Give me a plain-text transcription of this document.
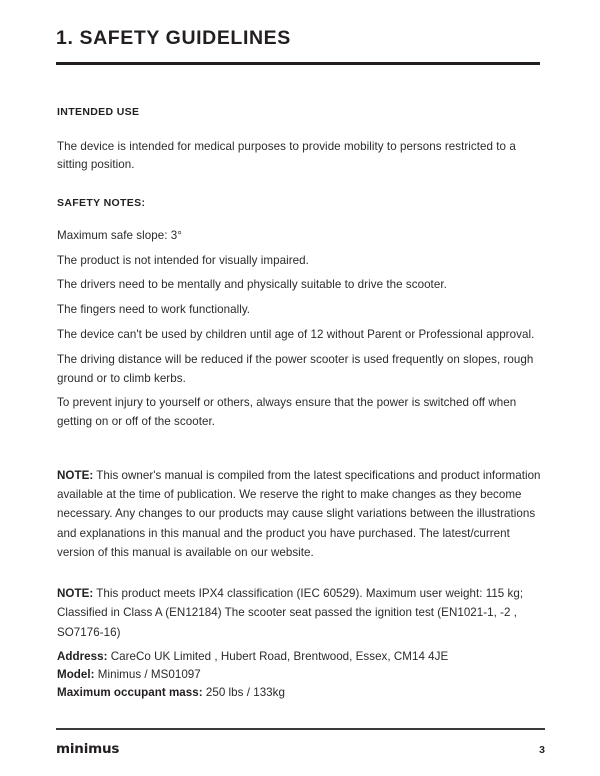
1. SAFETY GUIDELINES
INTENDED USE

The device is intended for medical purposes to provide mobility to persons restricted to a sitting position.

SAFETY NOTES:
Maximum safe slope: 3°
The product is not intended for visually impaired.
The drivers need to be mentally and physically suitable to drive the scooter.
The fingers need to work functionally.
The device can't be used by children until age of 12 without Parent or Professional approval.
The driving distance will be reduced if the power scooter is used frequently on slopes, rough ground or to climb kerbs.
To prevent injury to yourself or others, always ensure that the power is switched off when getting on or off of the scooter.

NOTE: This owner's manual is compiled from the latest specifications and product information available at the time of publication. We reserve the right to make changes as they become necessary. Any changes to our products may cause slight variations between the illustrations and explanations in this manual and the product you have purchased. The latest/current version of this manual is available on our website.

NOTE: This product meets IPX4 classification (IEC 60529). Maximum user weight: 115 kg; Classified in Class A (EN12184) The scooter seat passed the ignition test (EN1021-1, -2 , SO7176-16)

Address: CareCo UK Limited , Hubert Road, Brentwood, Essex, CM14 4JE

Model: Minimus / MS01097

Maximum occupant mass: 250 lbs / 133kg

minimus	3
